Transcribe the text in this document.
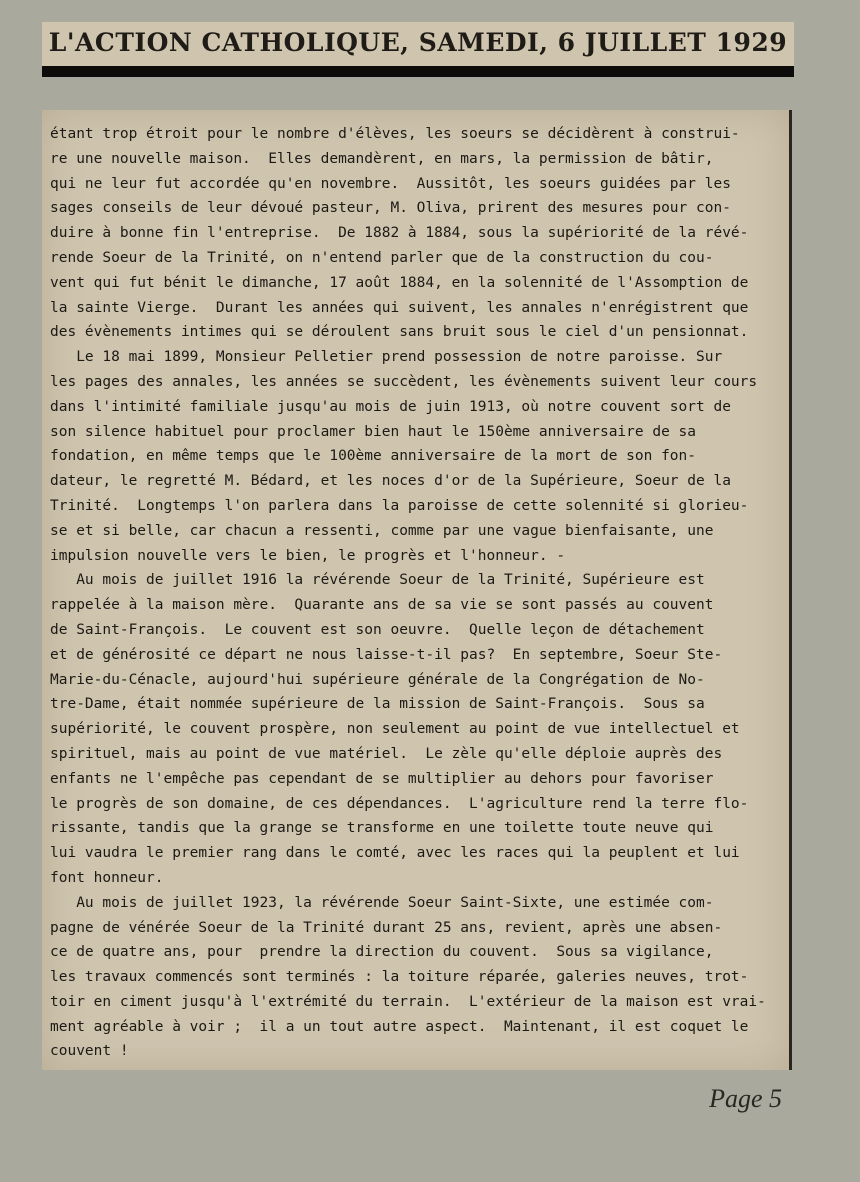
L'ACTION CATHOLIQUE, SAMEDI, 6 JUILLET 1929
étant trop étroit pour le nombre d'élèves, les soeurs se décidèrent à construi-
re une nouvelle maison.  Elles demandèrent, en mars, la permission de bâtir,
qui ne leur fut accordée qu'en novembre.  Aussitôt, les soeurs guidées par les
sages conseils de leur dévoué pasteur, M. Oliva, prirent des mesures pour con-
duire à bonne fin l'entreprise.  De 1882 à 1884, sous la supériorité de la révé-
rende Soeur de la Trinité, on n'entend parler que de la construction du cou-
vent qui fut bénit le dimanche, 17 août 1884, en la solennité de l'Assomption de
la sainte Vierge.  Durant les années qui suivent, les annales n'enrégistrent que
des évènements intimes qui se déroulent sans bruit sous le ciel d'un pensionnat.
Le 18 mai 1899, Monsieur Pelletier prend possession de notre paroisse. Sur
les pages des annales, les années se succèdent, les évènements suivent leur cours
dans l'intimité familiale jusqu'au mois de juin 1913, où notre couvent sort de
son silence habituel pour proclamer bien haut le 150ème anniversaire de sa
fondation, en même temps que le 100ème anniversaire de la mort de son fon-
dateur, le regretté M. Bédard, et les noces d'or de la Supérieure, Soeur de la
Trinité.  Longtemps l'on parlera dans la paroisse de cette solennité si glorieu-
se et si belle, car chacun a ressenti, comme par une vague bienfaisante, une
impulsion nouvelle vers le bien, le progrès et l'honneur. -
Au mois de juillet 1916 la révérende Soeur de la Trinité, Supérieure est
rappelée à la maison mère.  Quarante ans de sa vie se sont passés au couvent
de Saint-François.  Le couvent est son oeuvre.  Quelle leçon de détachement
et de générosité ce départ ne nous laisse-t-il pas?  En septembre, Soeur Ste-
Marie-du-Cénacle, aujourd'hui supérieure générale de la Congrégation de No-
tre-Dame, était nommée supérieure de la mission de Saint-François.  Sous sa
supériorité, le couvent prospère, non seulement au point de vue intellectuel et
spirituel, mais au point de vue matériel.  Le zèle qu'elle déploie auprès des
enfants ne l'empêche pas cependant de se multiplier au dehors pour favoriser
le progrès de son domaine, de ces dépendances.  L'agriculture rend la terre flo-
rissante, tandis que la grange se transforme en une toilette toute neuve qui
lui vaudra le premier rang dans le comté, avec les races qui la peuplent et lui
font honneur.
Au mois de juillet 1923, la révérende Soeur Saint-Sixte, une estimée com-
pagne de vénérée Soeur de la Trinité durant 25 ans, revient, après une absen-
ce de quatre ans, pour  prendre la direction du couvent.  Sous sa vigilance,
les travaux commencés sont terminés : la toiture réparée, galeries neuves, trot-
toir en ciment jusqu'à l'extrémité du terrain.  L'extérieur de la maison est vrai-
ment agréable à voir ;  il a un tout autre aspect.  Maintenant, il est coquet le
couvent !
Page 5
